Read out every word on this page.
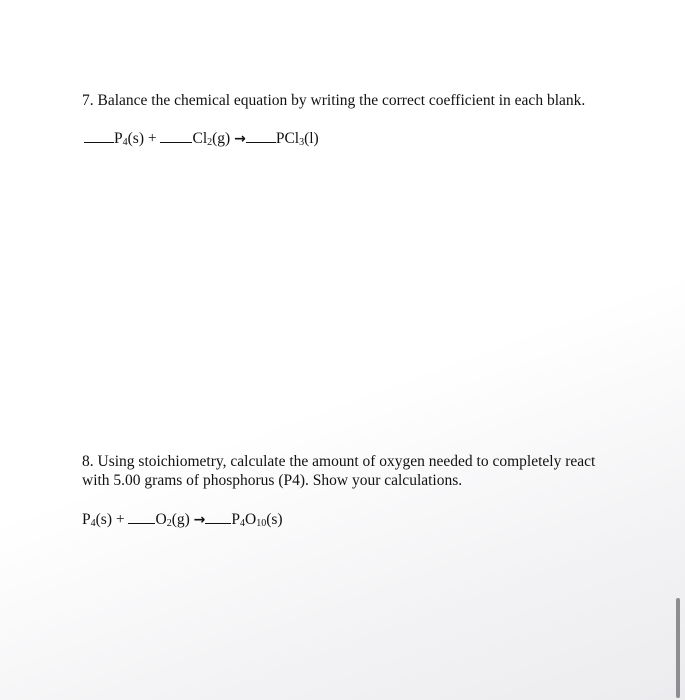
7. Balance the chemical equation by writing the correct coefficient in each blank.
$P_4(s) + Cl_2(g) \to PCl_3(l)$
8. Using stoichiometry, calculate the amount of oxygen needed to completely react with 5.00 grams of phosphorus (P4). Show your calculations.
$P_4(s) + O_2(g) \to P_4O_{10}(s)$
